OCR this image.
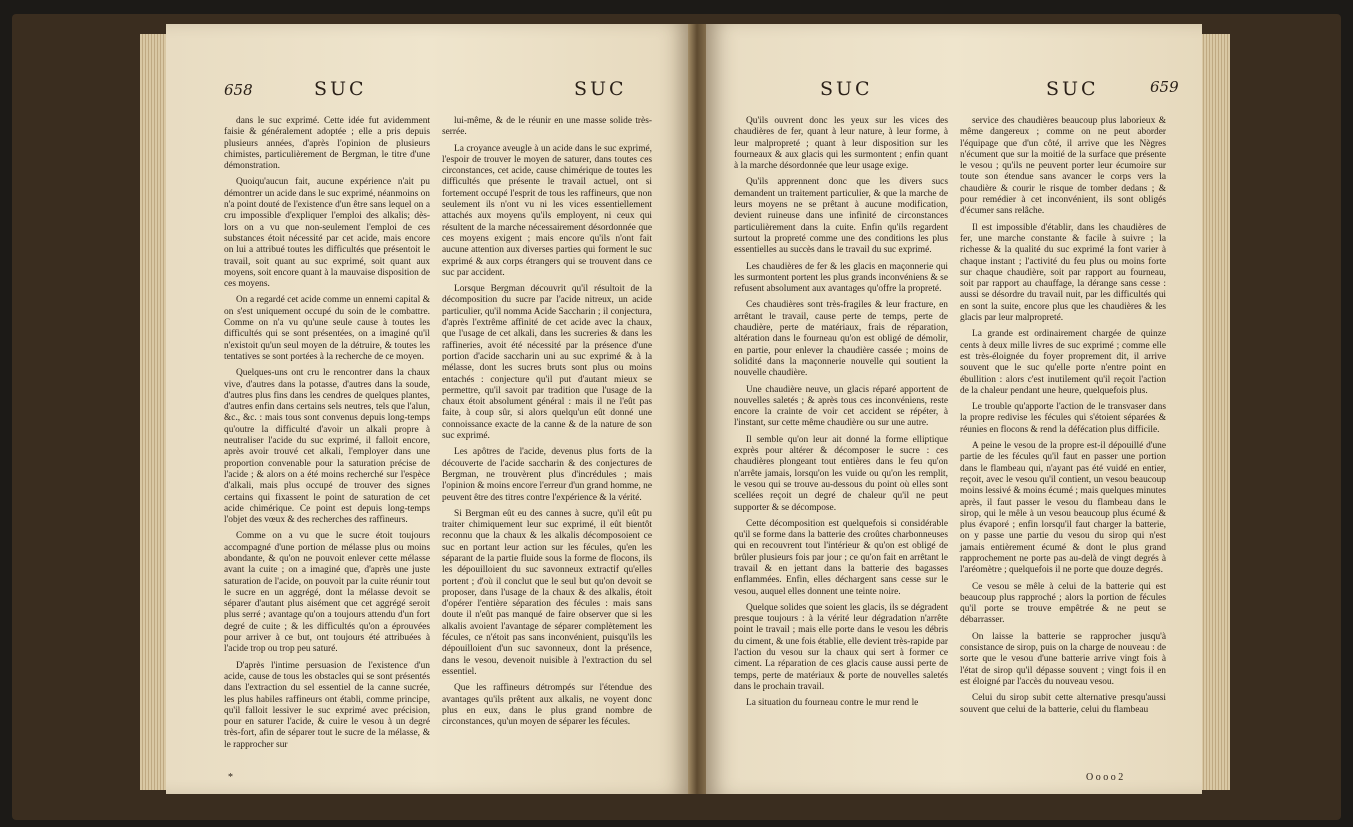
658	SUC	SUC

dans le suc exprimé. Cette idée fut avidemment faisie & généralement adoptée ; elle a pris depuis plusieurs années, d'après l'opinion de plusieurs chimistes, particulièrement de Bergman, le titre d'une démonstration.

Quoiqu'aucun fait, aucune expérience n'ait pu démontrer un acide dans le suc exprimé, néanmoins on n'a point douté de l'existence d'un être sans lequel on a cru impossible d'expliquer l'emploi des alkalis; dès-lors on a vu que non-seulement l'emploi de ces substances étoit nécessité par cet acide, mais encore on lui a attribué toutes les difficultés que présentoit le travail, soit quant au suc exprimé, soit quant aux moyens, soit encore quant à la mauvaise disposition de ces moyens.

On a regardé cet acide comme un ennemi capital & on s'est uniquement occupé du soin de le combattre. Comme on n'a vu qu'une seule cause à toutes les difficultés qui se sont présentées, on a imaginé qu'il n'existoit qu'un seul moyen de la détruire, & toutes les tentatives se sont portées à la recherche de ce moyen.

Quelques-uns ont cru le rencontrer dans la chaux vive, d'autres dans la potasse, d'autres dans la soude, d'autres plus fins dans les cendres de quelques plantes, d'autres enfin dans certains sels neutres, tels que l'alun, &c., &c. : mais tous sont convenus depuis long-temps qu'outre la difficulté d'avoir un alkali propre à neutraliser l'acide du suc exprimé, il falloit encore, après avoir trouvé cet alkali, l'employer dans une proportion convenable pour la saturation précise de l'acide ; & alors on a été moins recherché sur l'espèce d'alkali, mais plus occupé de trouver des signes certains qui fixassent le point de saturation de cet acide chimérique. Ce point est depuis long-temps l'objet des vœux & des recherches des raffineurs.

Comme on a vu que le sucre étoit toujours accompagné d'une portion de mélasse plus ou moins abondante, & qu'on ne pouvoit enlever cette mélasse avant la cuite ; on a imaginé que, d'après une juste saturation de l'acide, on pouvoit par la cuite réunir tout le sucre en un aggrégé, dont la mélasse devoit se séparer d'autant plus aisément que cet aggrégé seroit plus serré ; avantage qu'on a toujours attendu d'un fort degré de cuite ; & les difficultés qu'on a éprouvées pour arriver à ce but, ont toujours été attribuées à l'acide trop ou trop peu saturé.

D'après l'intime persuasion de l'existence d'un acide, cause de tous les obstacles qui se sont présentés dans l'extraction du sel essentiel de la canne sucrée, les plus habiles raffineurs ont établi, comme principe, qu'il falloit lessiver le suc exprimé avec précision, pour en saturer l'acide, & cuire le vesou à un degré très-fort, afin de séparer tout le sucre de la mélasse, & le rapprocher sur

lui-même, & de le réunir en une masse solide très-serrée.

La croyance aveugle à un acide dans le suc exprimé, l'espoir de trouver le moyen de saturer, dans toutes ces circonstances, cet acide, cause chimérique de toutes les difficultés que présente le travail actuel, ont si fortement occupé l'esprit de tous les raffineurs, que non seulement ils n'ont vu ni les vices essentiellement attachés aux moyens qu'ils employent, ni ceux qui résultent de la marche nécessairement désordonnée que ces moyens exigent ; mais encore qu'ils n'ont fait aucune attention aux diverses parties qui forment le suc exprimé & aux corps étrangers qui se trouvent dans ce suc par accident.

Lorsque Bergman découvrit qu'il résultoit de la décomposition du sucre par l'acide nitreux, un acide particulier, qu'il nomma Acide Saccharin ; il conjectura, d'après l'extrême affinité de cet acide avec la chaux, que l'usage de cet alkali, dans les sucreries & dans les raffineries, avoit été nécessité par la présence d'une portion d'acide saccharin uni au suc exprimé & à la mélasse, dont les sucres bruts sont plus ou moins entachés : conjecture qu'il put d'autant mieux se permettre, qu'il savoit par tradition que l'usage de la chaux étoit absolument général : mais il ne l'eût pas faite, à coup sûr, si alors quelqu'un eût donné une connoissance exacte de la canne & de la nature de son suc exprimé.

Les apôtres de l'acide, devenus plus forts de la découverte de l'acide saccharin & des conjectures de Bergman, ne trouvèrent plus d'incrédules ; mais l'opinion & moins encore l'erreur d'un grand homme, ne peuvent être des titres contre l'expérience & la vérité.

Si Bergman eût eu des cannes à sucre, qu'il eût pu traiter chimiquement leur suc exprimé, il eût bientôt reconnu que la chaux & les alkalis décomposoient ce suc en portant leur action sur les fécules, qu'en les séparant de la partie fluide sous la forme de flocons, ils les dépouilloient du suc savonneux extractif qu'elles portent ; d'où il conclut que le seul but qu'on devoit se proposer, dans l'usage de la chaux & des alkalis, étoit d'opérer l'entière séparation des fécules : mais sans doute il n'eût pas manqué de faire observer que si les alkalis avoient l'avantage de séparer complètement les fécules, ce n'étoit pas sans inconvénient, puisqu'ils les dépouilloient d'un suc savonneux, dont la présence, dans le vesou, devenoit nuisible à l'extraction du sel essentiel.

Que les raffineurs détrompés sur l'étendue des avantages qu'ils prêtent aux alkalis, ne voyent donc plus en eux, dans le plus grand nombre de circonstances, qu'un moyen de séparer les fécules.

*
SUC	SUC	659

Qu'ils ouvrent donc les yeux sur les vices des chaudières de fer, quant à leur nature, à leur forme, à leur malpropreté ; quant à leur disposition sur les fourneaux & aux glacis qui les surmontent ; enfin quant à la marche désordonnée que leur usage exige.

Qu'ils apprennent donc que les divers sucs demandent un traitement particulier, & que la marche de leurs moyens ne se prêtant à aucune modification, devient ruineuse dans une infinité de circonstances particulièrement dans la cuite. Enfin qu'ils regardent surtout la propreté comme une des conditions les plus essentielles au succès dans le travail du suc exprimé.

Les chaudières de fer & les glacis en maçonnerie qui les surmontent portent les plus grands inconvéniens & se refusent absolument aux avantages qu'offre la propreté.

Ces chaudières sont très-fragiles & leur fracture, en arrêtant le travail, cause perte de temps, perte de chaudière, perte de matériaux, frais de réparation, altération dans le fourneau qu'on est obligé de démolir, en partie, pour enlever la chaudière cassée ; moins de solidité dans la maçonnerie nouvelle qui soutient la nouvelle chaudière.

Une chaudière neuve, un glacis réparé apportent de nouvelles saletés ; & après tous ces inconvéniens, reste encore la crainte de voir cet accident se répéter, à l'instant, sur cette même chaudière ou sur une autre.

Il semble qu'on leur ait donné la forme elliptique exprès pour altérer & décomposer le sucre : ces chaudières plongeant tout entières dans le feu qu'on n'arrête jamais, lorsqu'on les vuide ou qu'on les remplit, le vesou qui se trouve au-dessous du point où elles sont scellées reçoit un degré de chaleur qu'il ne peut supporter & se décompose.

Cette décomposition est quelquefois si considérable qu'il se forme dans la batterie des croûtes charbonneuses qui en recouvrent tout l'intérieur & qu'on est obligé de brûler plusieurs fois par jour ; ce qu'on fait en arrêtant le travail & en jettant dans la batterie des bagasses enflammées. Enfin, elles déchargent sans cesse sur le vesou, auquel elles donnent une teinte noire.

Quelque solides que soient les glacis, ils se dégradent presque toujours : à la vérité leur dégradation n'arrête point le travail ; mais elle porte dans le vesou les débris du ciment, & une fois établie, elle devient très-rapide par l'action du vesou sur la chaux qui sert à former ce ciment. La réparation de ces glacis cause aussi perte de temps, perte de matériaux & porte de nouvelles saletés dans le prochain travail.

La situation du fourneau contre le mur rend le

service des chaudières beaucoup plus laborieux & même dangereux ; comme on ne peut aborder l'équipage que d'un côté, il arrive que les Nègres n'écument que sur la moitié de la surface que présente le vesou ; qu'ils ne peuvent porter leur écumoire sur toute son étendue sans avancer le corps vers la chaudière & courir le risque de tomber dedans ; & pour remédier à cet inconvénient, ils sont obligés d'écumer sans relâche.

Il est impossible d'établir, dans les chaudières de fer, une marche constante & facile à suivre ; la richesse & la qualité du suc exprimé la font varier à chaque instant ; l'activité du feu plus ou moins forte sur chaque chaudière, soit par rapport au fourneau, soit par rapport au chauffage, la dérange sans cesse : aussi se désordre du travail nuit, par les difficultés qui en sont la suite, encore plus que les chaudières & les glacis par leur malpropreté.

La grande est ordinairement chargée de quinze cents à deux mille livres de suc exprimé ; comme elle est très-éloignée du foyer proprement dit, il arrive souvent que le suc qu'elle porte n'entre point en ébullition : alors c'est inutilement qu'il reçoit l'action de la chaleur pendant une heure, quelquefois plus.

Le trouble qu'apporte l'action de le transvaser dans la propre redivise les fécules qui s'étoient séparées & réunies en flocons & rend la défécation plus difficile.

A peine le vesou de la propre est-il dépouillé d'une partie de les fécules qu'il faut en passer une portion dans le flambeau qui, n'ayant pas été vuidé en entier, reçoit, avec le vesou qu'il contient, un vesou beaucoup moins lessivé & moins écumé ; mais quelques minutes après, il faut passer le vesou du flambeau dans le sirop, qui le mêle à un vesou beaucoup plus écumé & plus évaporé ; enfin lorsqu'il faut charger la batterie, on y passe une partie du vesou du sirop qui n'est jamais entièrement écumé & dont le plus grand rapprochement ne porte pas au-delà de vingt degrés à l'aréomètre ; quelquefois il ne porte que douze degrés.

Ce vesou se mêle à celui de la batterie qui est beaucoup plus rapproché ; alors la portion de fécules qu'il porte se trouve empêtrée & ne peut se débarrasser.

On laisse la batterie se rapprocher jusqu'à consistance de sirop, puis on la charge de nouveau : de sorte que le vesou d'une batterie arrive vingt fois à l'état de sirop qu'il dépasse souvent ; vingt fois il en est éloigné par l'accès du nouveau vesou.

Celui du sirop subit cette alternative presqu'aussi souvent que celui de la batterie, celui du flambeau

O o o o 2
